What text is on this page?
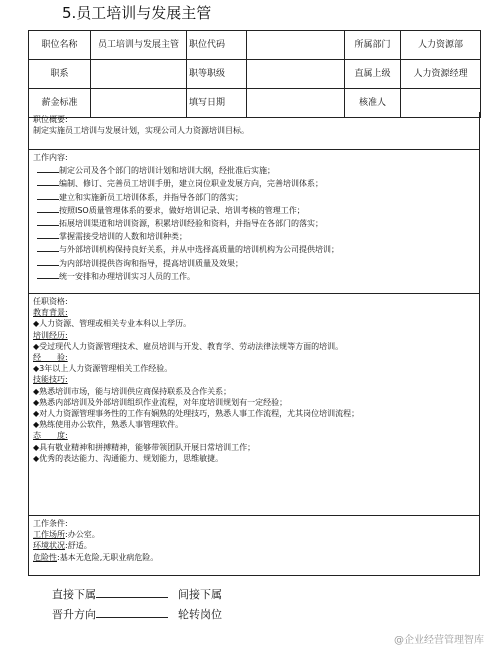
5.员工培训与发展主管
职位名称	员工培训与发展主管	职位代码		所属部门	人力资源部
职系		职等职级		直属上级	人力资源经理
薪金标准		填写日期		核准人	
职位概要:
制定实施员工培训与发展计划，实现公司人力资源培训目标。
工作内容:
制定公司及各个部门的培训计划和培训大纲，经批准后实施；
编制、修订、完善员工培训手册，建立岗位职业发展方向，完善培训体系；
建立和实施新员工培训体系，并指导各部门的落实；
按照ISO质量管理体系的要求，做好培训记录、培训考核的管理工作；
拓展培训渠道和培训资源，积累培训经验和资料，并指导在各部门的落实；
掌握需接受培训的人数和培训种类；
与外部培训机构保持良好关系，并从中选择高质量的培训机构为公司提供培训；
为内部培训提供咨询和指导，提高培训质量及效果；
统一安排和办理培训实习人员的工作。
任职资格:
教育背景:
◆人力资源、管理或相关专业本科以上学历。
培训经历:
◆受过现代人力资源管理技术、雇员培训与开发、教育学、劳动法律法规等方面的培训。
经　　验:
◆3年以上人力资源管理相关工作经验。
技能技巧:
◆熟悉培训市场，能与培训供应商保持联系及合作关系；
◆熟悉内部培训及外部培训组织作业流程，对年度培训规划有一定经验；
◆对人力资源管理事务性的工作有娴熟的处理技巧，熟悉人事工作流程，尤其岗位培训流程；
◆熟练使用办公软件，熟悉人事管理软件。
态　　度:
◆具有敬业精神和拼搏精神，能够带领团队开展日常培训工作；
◆优秀的表达能力、沟通能力、规划能力，思维敏捷。
工作条件:
工作场所:办公室。
环境状况:舒适。
危险性:基本无危险,无职业病危险。
直接下属	间接下属
晋升方向	轮转岗位
@企业经营管理智库
